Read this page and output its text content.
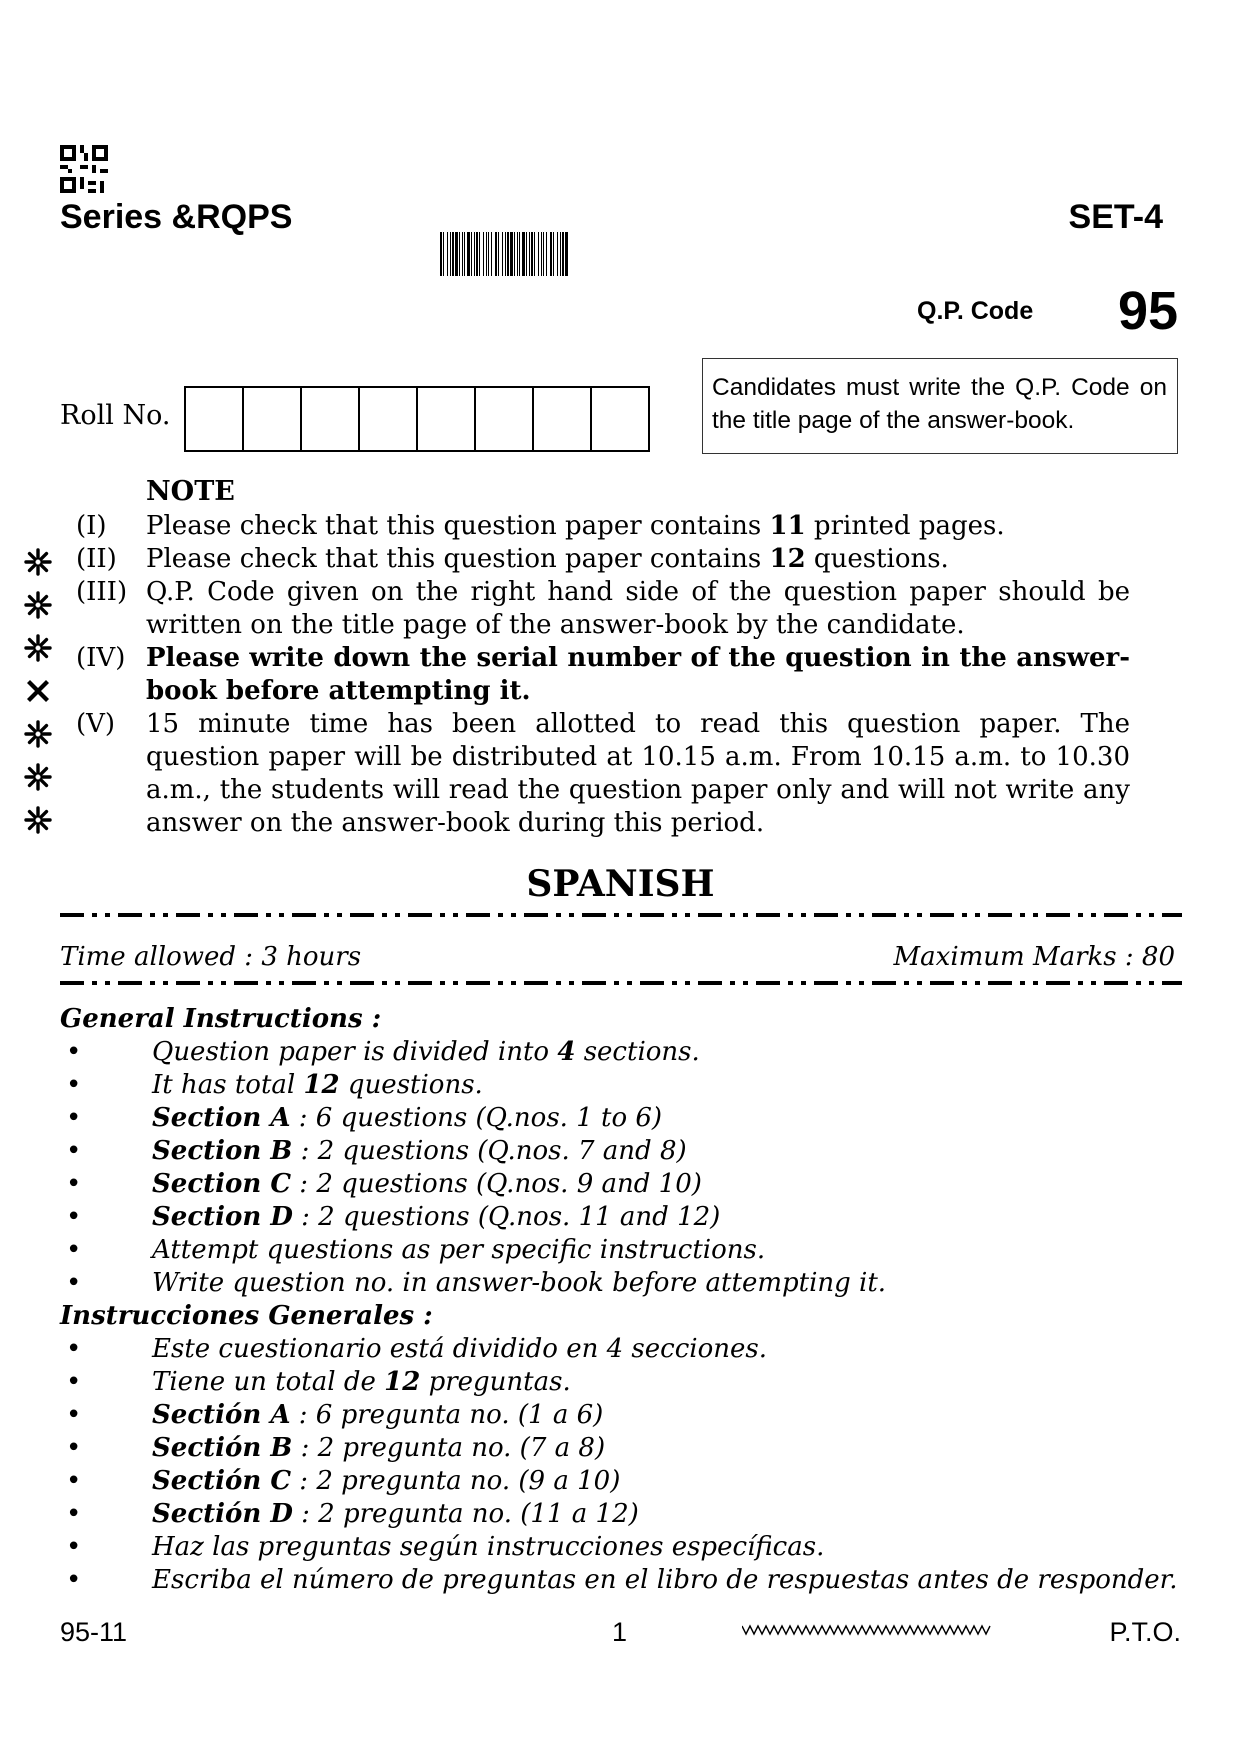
Series &RQPS	SET-4
Q.P. Code 95
Roll No.
Candidates must write the Q.P. Code on the title page of the answer-book.
NOTE
(I)	Please check that this question paper contains 11 printed pages.
(II)	Please check that this question paper contains 12 questions.
(III) Q.P. Code given on the right hand side of the question paper should be written on the title page of the answer-book by the candidate.
(IV) Please write down the serial number of the question in the answer-book before attempting it.
(V)	15 minute time has been allotted to read this question paper. The question paper will be distributed at 10.15 a.m. From 10.15 a.m. to 10.30 a.m., the students will read the question paper only and will not write any answer on the answer-book during this period.
SPANISH
Time allowed : 3 hours	Maximum Marks : 80
General Instructions :
•	Question paper is divided into 4 sections.
•	It has total 12 questions.
•	Section A : 6 questions (Q.nos. 1 to 6)
•	Section B : 2 questions (Q.nos. 7 and 8)
•	Section C : 2 questions (Q.nos. 9 and 10)
•	Section D : 2 questions (Q.nos. 11 and 12)
•	Attempt questions as per specific instructions.
•	Write question no. in answer-book before attempting it.
Instrucciones Generales :
•	Este cuestionario está dividido en 4 secciones.
•	Tiene un total de 12 preguntas.
•	Sectión A : 6 pregunta no. (1 a 6)
•	Sectión B : 2 pregunta no. (7 a 8)
•	Sectión C : 2 pregunta no. (9 a 10)
•	Sectión D : 2 pregunta no. (11 a 12)
•	Haz las preguntas según instrucciones específicas.
•	Escriba el número de preguntas en el libro de respuestas antes de responder.
95-11	1	P.T.O.
